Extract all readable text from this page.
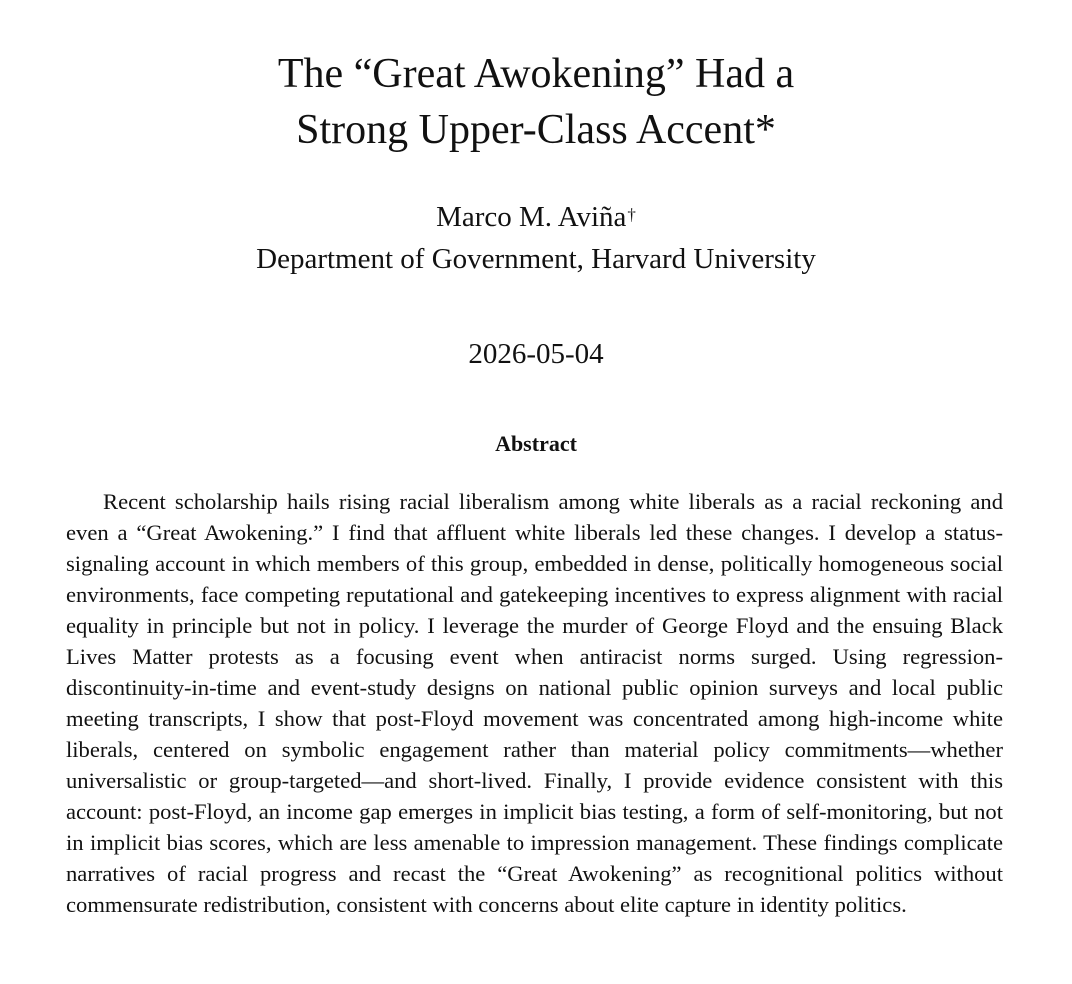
The “Great Awokening” Had a
Strong Upper-Class Accent*
Marco M. Aviña†
Department of Government, Harvard University
2026-05-04
Abstract

Recent scholarship hails rising racial liberalism among white liberals as a racial reckoning and even a “Great Awokening.” I find that affluent white liberals led these changes. I develop a status-signaling account in which members of this group, embedded in dense, politically homogeneous social environments, face competing reputational and gatekeeping incentives to express alignment with racial equality in principle but not in policy. I leverage the murder of George Floyd and the ensuing Black Lives Matter protests as a focusing event when antiracist norms surged. Using regression-discontinuity-in-time and event-study designs on national public opinion surveys and local public meeting transcripts, I show that post-Floyd movement was concentrated among high-income white liberals, centered on symbolic engagement rather than material policy commitments—whether universalistic or group-targeted—and short-lived. Finally, I provide evidence consistent with this account: post-Floyd, an income gap emerges in implicit bias testing, a form of self-monitoring, but not in implicit bias scores, which are less amenable to impression management. These findings complicate narratives of racial progress and recast the “Great Awokening” as recognitional politics without commensurate redistribution, consistent with concerns about elite capture in identity politics.
